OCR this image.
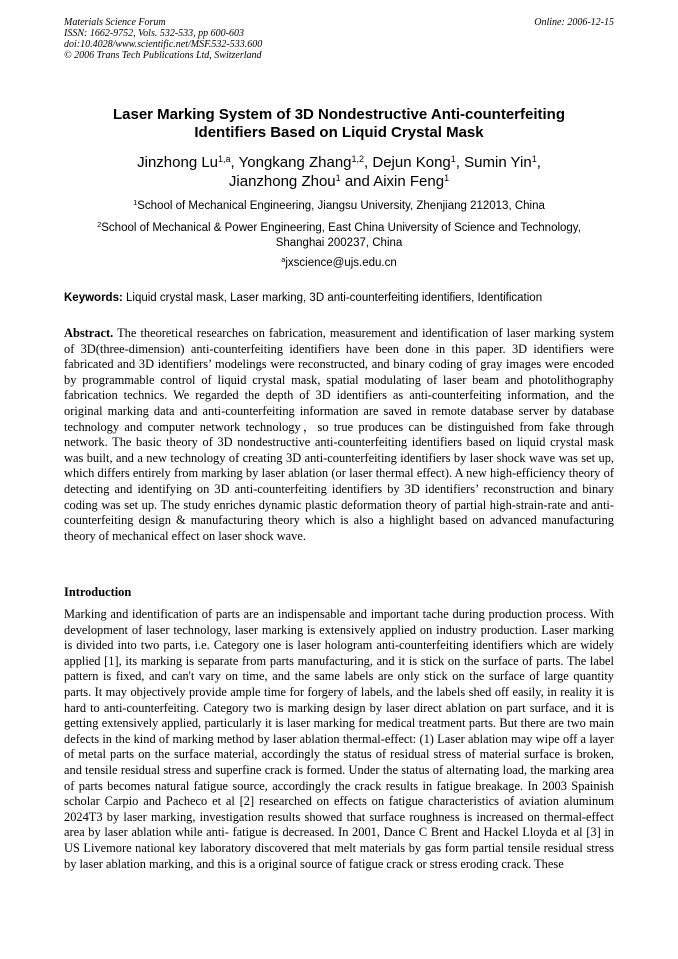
Materials Science Forum
ISSN: 1662-9752, Vols. 532-533, pp 600-603
doi:10.4028/www.scientific.net/MSF.532-533.600
© 2006 Trans Tech Publications Ltd, Switzerland
Online: 2006-12-15
Laser Marking System of 3D Nondestructive Anti-counterfeiting
Identifiers Based on Liquid Crystal Mask
Jinzhong Lu$^{1,a}$, Yongkang Zhang$^{1,2}$, Dejun Kong$^1$, Sumin Yin$^1$,
Jianzhong Zhou$^1$ and Aixin Feng$^1$
$^1$School of Mechanical Engineering, Jiangsu University, Zhenjiang 212013, China
$^2$School of Mechanical & Power Engineering, East China University of Science and Technology,
Shanghai 200237, China
$^a$jxscience@ujs.edu.cn
Keywords: Liquid crystal mask, Laser marking, 3D anti-counterfeiting identifiers, Identification
Abstract. The theoretical researches on fabrication, measurement and identification of laser marking system of 3D(three-dimension) anti-counterfeiting identifiers have been done in this paper. 3D identifiers were fabricated and 3D identifiers’ modelings were reconstructed, and binary coding of gray images were encoded by programmable control of liquid crystal mask, spatial modulating of laser beam and photolithography fabrication technics. We regarded the depth of 3D identifiers as anti-counterfeiting information, and the original marking data and anti-counterfeiting information are saved in remote database server by database technology and computer network technology，so true produces can be distinguished from fake through network. The basic theory of 3D nondestructive anti-counterfeiting identifiers based on liquid crystal mask was built, and a new technology of creating 3D anti-counterfeiting identifiers by laser shock wave was set up, which differs entirely from marking by laser ablation (or laser thermal effect). A new high-efficiency theory of detecting and identifying on 3D anti-counterfeiting identifiers by 3D identifiers’ reconstruction and binary coding was set up. The study enriches dynamic plastic deformation theory of partial high-strain-rate and anti-counterfeiting design & manufacturing theory which is also a highlight based on advanced manufacturing theory of mechanical effect on laser shock wave.
Introduction
Marking and identification of parts are an indispensable and important tache during production process. With development of laser technology, laser marking is extensively applied on industry production. Laser marking is divided into two parts, i.e. Category one is laser hologram anti-counterfeiting identifiers which are widely applied [1], its marking is separate from parts manufacturing, and it is stick on the surface of parts. The label pattern is fixed, and can't vary on time, and the same labels are only stick on the surface of large quantity parts. It may objectively provide ample time for forgery of labels, and the labels shed off easily, in reality it is hard to anti-counterfeiting. Category two is marking design by laser direct ablation on part surface, and it is getting extensively applied, particularly it is laser marking for medical treatment parts. But there are two main defects in the kind of marking method by laser ablation thermal-effect: (1) Laser ablation may wipe off a layer of metal parts on the surface material, accordingly the status of residual stress of material surface is broken, and tensile residual stress and superfine crack is formed. Under the status of alternating load, the marking area of parts becomes natural fatigue source, accordingly the crack results in fatigue breakage. In 2003 Spainish scholar Carpio and Pacheco et al [2] researched on effects on fatigue characteristics of aviation aluminum 2024T3 by laser marking, investigation results showed that surface roughness is increased on thermal-effect area by laser ablation while anti- fatigue is decreased. In 2001, Dance C Brent and Hackel Lloyda et al [3] in US Livemore national key laboratory discovered that melt materials by gas form partial tensile residual stress by laser ablation marking, and this is a original source of fatigue crack or stress eroding crack. These
